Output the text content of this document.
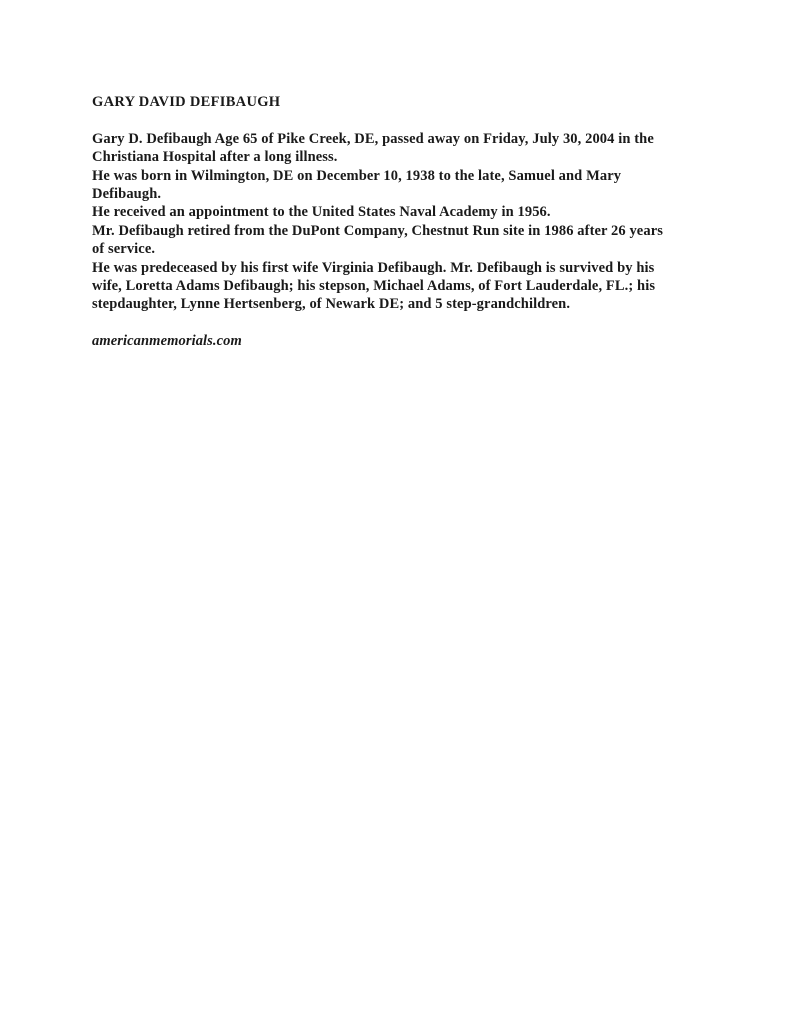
GARY DAVID DEFIBAUGH
Gary D. Defibaugh Age 65 of Pike Creek, DE, passed away on Friday, July 30, 2004 in the
Christiana Hospital after a long illness.
He was born in Wilmington, DE on December 10, 1938 to the late, Samuel and Mary
Defibaugh.
He received an appointment to the United States Naval Academy in 1956.
Mr. Defibaugh retired from the DuPont Company, Chestnut Run site in 1986 after 26 years
of service.
He was predeceased by his first wife Virginia Defibaugh. Mr. Defibaugh is survived by his
wife, Loretta Adams Defibaugh; his stepson, Michael Adams, of Fort Lauderdale, FL.; his
stepdaughter, Lynne Hertsenberg, of Newark DE; and 5 step-grandchildren.
americanmemorials.com
